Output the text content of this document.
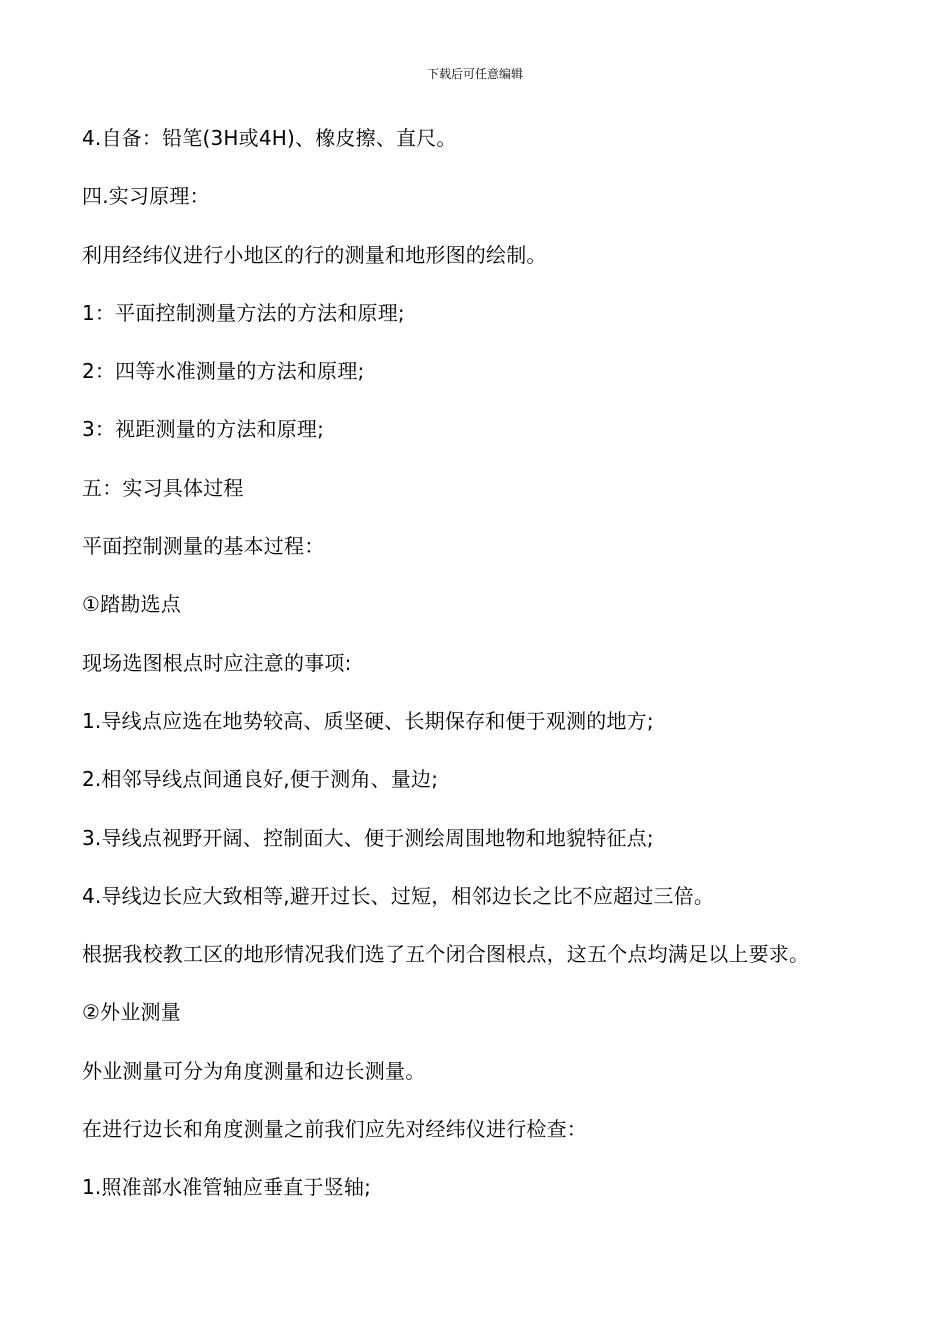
下载后可任意编辑
4.自备：铅笔(3H或4H)、橡皮擦、直尺。
四.实习原理：
利用经纬仪进行小地区的行的测量和地形图的绘制。
1：平面控制测量方法的方法和原理;
2：四等水准测量的方法和原理;
3：视距测量的方法和原理;
五：实习具体过程
平面控制测量的基本过程：
①踏勘选点
现场选图根点时应注意的事项:
1.导线点应选在地势较高、质坚硬、长期保存和便于观测的地方;
2.相邻导线点间通良好,便于测角、量边;
3.导线点视野开阔、控制面大、便于测绘周围地物和地貌特征点;
4.导线边长应大致相等,避开过长、过短，相邻边长之比不应超过三倍。
根据我校教工区的地形情况我们选了五个闭合图根点，这五个点均满足以上要求。
②外业测量
外业测量可分为角度测量和边长测量。
在进行边长和角度测量之前我们应先对经纬仪进行检查：
1.照准部水准管轴应垂直于竖轴;
